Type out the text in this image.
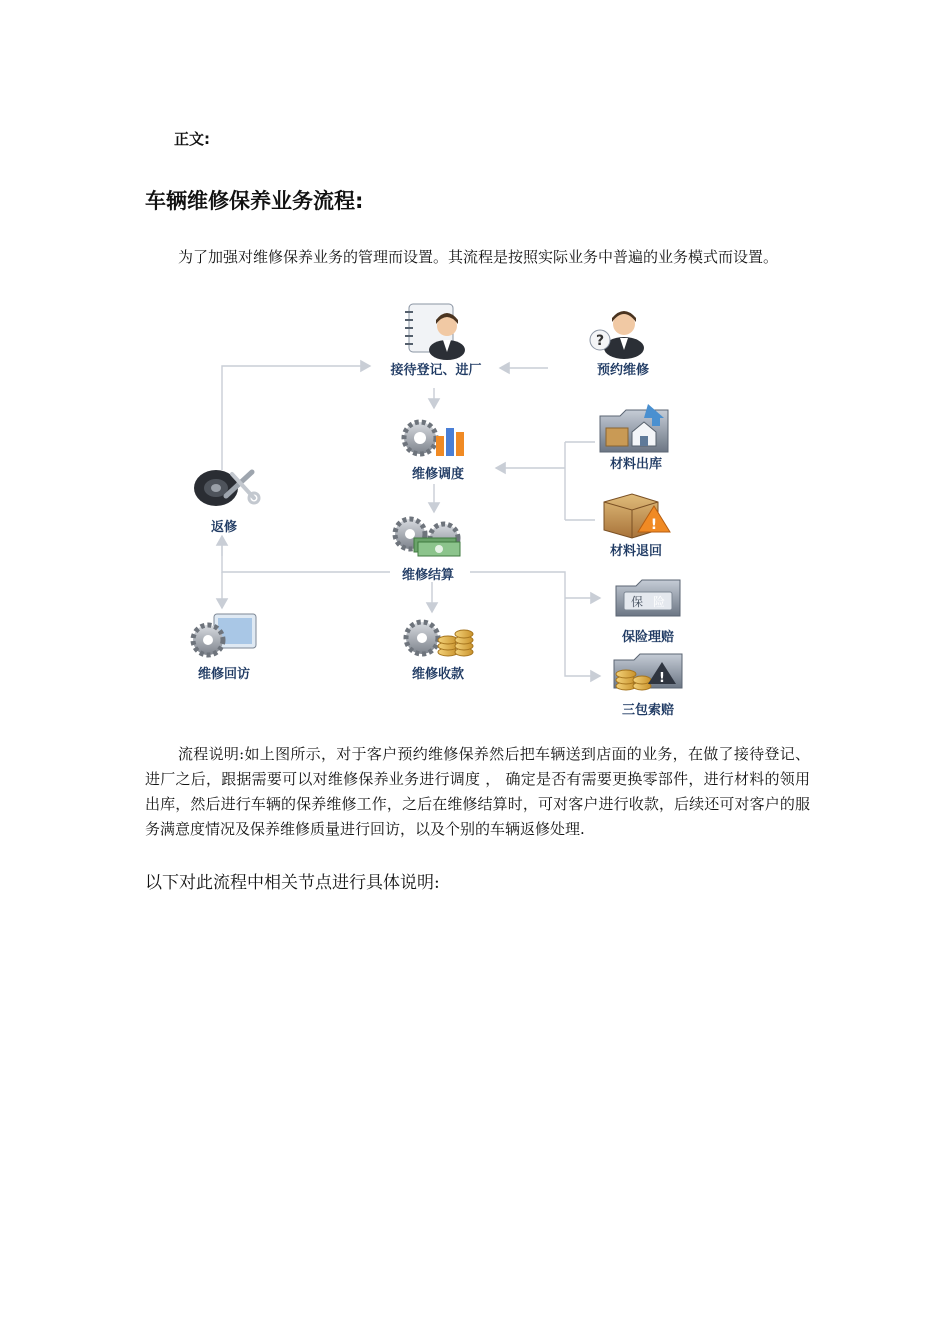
正文:
车辆维修保养业务流程:

为了加强对维修保养业务的管理而设置。其流程是按照实际业务中普遍的业务模式而设置。

接待登记、进厂
?
预约维修
维修调度
材料出库
!
材料退回
返修
维修结算
保 险
保险理赔
维修回访	维修收款	!
三包索赔

流程说明:如上图所示，对于客户预约维修保养然后把车辆送到店面的业务，在做了接待登记、进厂之后，跟据需要可以对维修保养业务进行调度 ， 确定是否有需要更换零部件，进行材料的领用出库，然后进行车辆的保养维修工作，之后在维修结算时，可对客户进行收款，后续还可对客户的服务满意度情况及保养维修质量进行回访，以及个别的车辆返修处理.

以下对此流程中相关节点进行具体说明:
